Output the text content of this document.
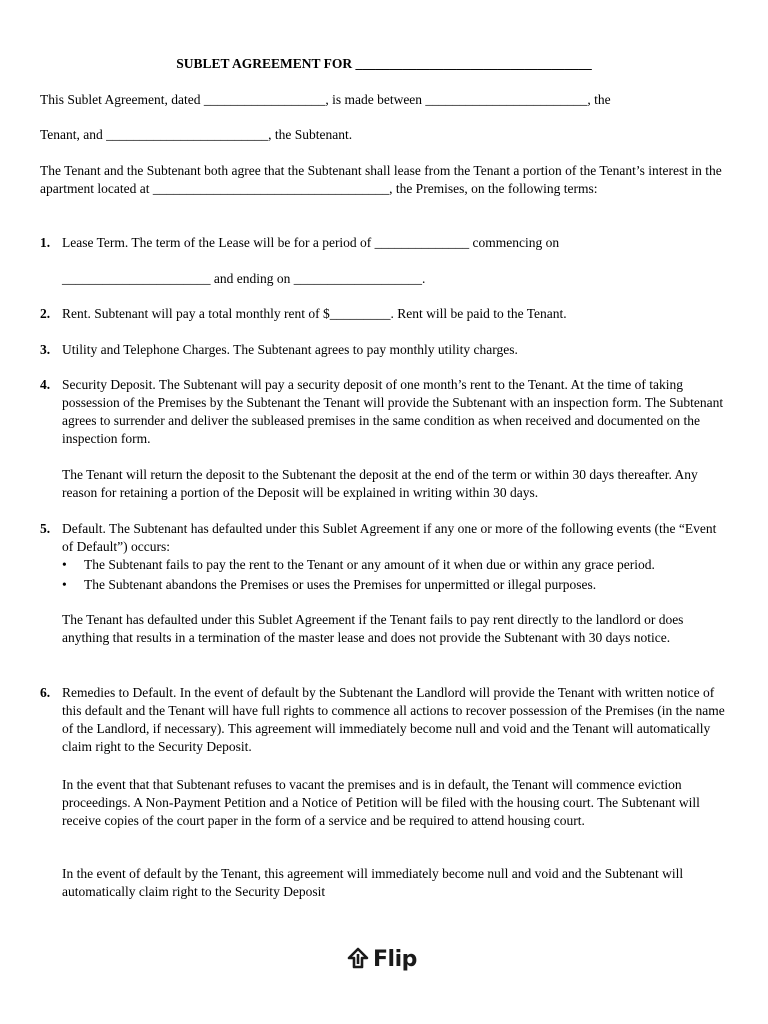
SUBLET AGREEMENT FOR ___________________________________
This Sublet Agreement, dated __________________, is made between ________________________, the
Tenant, and ________________________, the Subtenant.
The Tenant and the Subtenant both agree that the Subtenant shall lease from the Tenant a portion of the Tenant’s interest in the apartment located at ___________________________________, the Premises, on the following terms:
1. Lease Term. The term of the Lease will be for a period of ______________ commencing on
______________________ and ending on ___________________.
2. Rent. Subtenant will pay a total monthly rent of $_________. Rent will be paid to the Tenant.
3. Utility and Telephone Charges. The Subtenant agrees to pay monthly utility charges.
4. Security Deposit. The Subtenant will pay a security deposit of one month’s rent to the Tenant. At the time of taking possession of the Premises by the Subtenant the Tenant will provide the Subtenant with an inspection form. The Subtenant agrees to surrender and deliver the subleased premises in the same condition as when received and documented on the inspection form.
The Tenant will return the deposit to the Subtenant the deposit at the end of the term or within 30 days thereafter. Any reason for retaining a portion of the Deposit will be explained in writing within 30 days.
5. Default. The Subtenant has defaulted under this Sublet Agreement if any one or more of the following events (the “Event of Default”) occurs:
• The Subtenant fails to pay the rent to the Tenant or any amount of it when due or within any grace period.
• The Subtenant abandons the Premises or uses the Premises for unpermitted or illegal purposes.
The Tenant has defaulted under this Sublet Agreement if the Tenant fails to pay rent directly to the landlord or does anything that results in a termination of the master lease and does not provide the Subtenant with 30 days notice.
6. Remedies to Default. In the event of default by the Subtenant the Landlord will provide the Tenant with written notice of this default and the Tenant will have full rights to commence all actions to recover possession of the Premises (in the name of the Landlord, if necessary). This agreement will immediately become null and void and the Tenant will automatically claim right to the Security Deposit.
In the event that that Subtenant refuses to vacant the premises and is in default, the Tenant will commence eviction proceedings. A Non-Payment Petition and a Notice of Petition will be filed with the housing court. The Subtenant will receive copies of the court paper in the form of a service and be required to attend housing court.
In the event of default by the Tenant, this agreement will immediately become null and void and the Subtenant will automatically claim right to the Security Deposit
Flip
